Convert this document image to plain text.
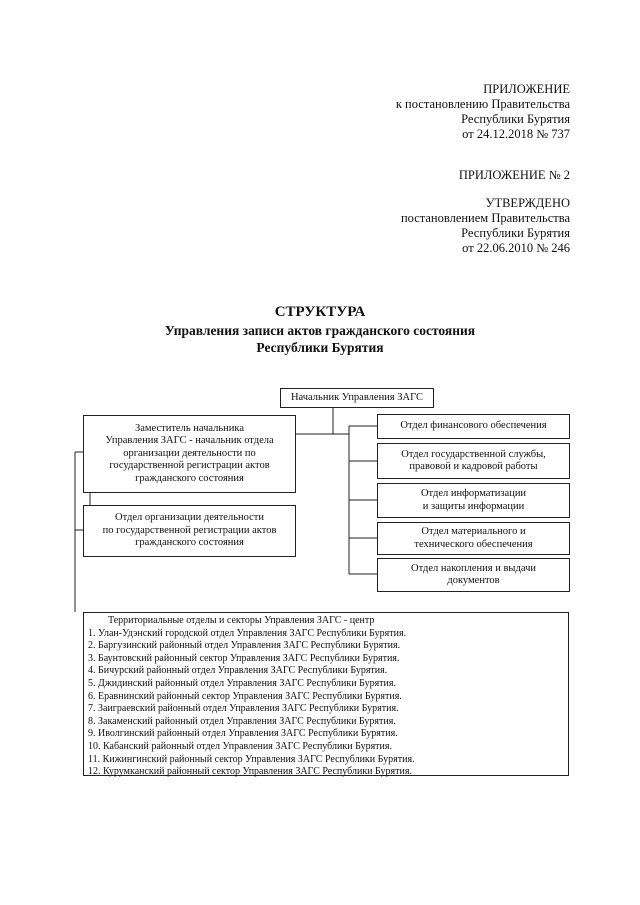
ПРИЛОЖЕНИЕ
к постановлению Правительства
Республики Бурятия
от 24.12.2018 № 737
ПРИЛОЖЕНИЕ № 2
УТВЕРЖДЕНО
постановлением Правительства
Республики Бурятия
от 22.06.2010 № 246
СТРУКТУРА
Управления записи актов гражданского состояния
Республики Бурятия
Начальник Управления ЗАГС
Заместитель начальника
Управления ЗАГС - начальник отдела
организации деятельности по
государственной регистрации актов
гражданского состояния
Отдел организации деятельности
по государственной регистрации актов
гражданского состояния
Отдел финансового обеспечения
Отдел государственной службы,
правовой и кадровой работы
Отдел информатизации
и защиты информации
Отдел материального и
технического обеспечения
Отдел накопления и выдачи
документов
Территориальные отделы и секторы Управления ЗАГС - центр
1. Улан-Удэнский городской отдел Управления ЗАГС Республики Бурятия.
2. Баргузинский районный отдел Управления ЗАГС Республики Бурятия.
3. Баунтовский районный сектор Управления ЗАГС Республики Бурятия.
4. Бичурский районный отдел Управления ЗАГС Республики Бурятия.
5. Джидинский районный отдел Управления ЗАГС Республики Бурятия.
6. Еравнинский районный сектор Управления ЗАГС Республики Бурятия.
7. Заиграевский районный отдел Управления ЗАГС Республики Бурятия.
8. Закаменский районный отдел Управления ЗАГС Республики Бурятия.
9. Иволгинский районный отдел Управления ЗАГС Республики Бурятия.
10. Кабанский районный отдел Управления ЗАГС Республики Бурятия.
11. Кижингинский районный сектор Управления ЗАГС Республики Бурятия.
12. Курумканский районный сектор Управления ЗАГС Республики Бурятия.
